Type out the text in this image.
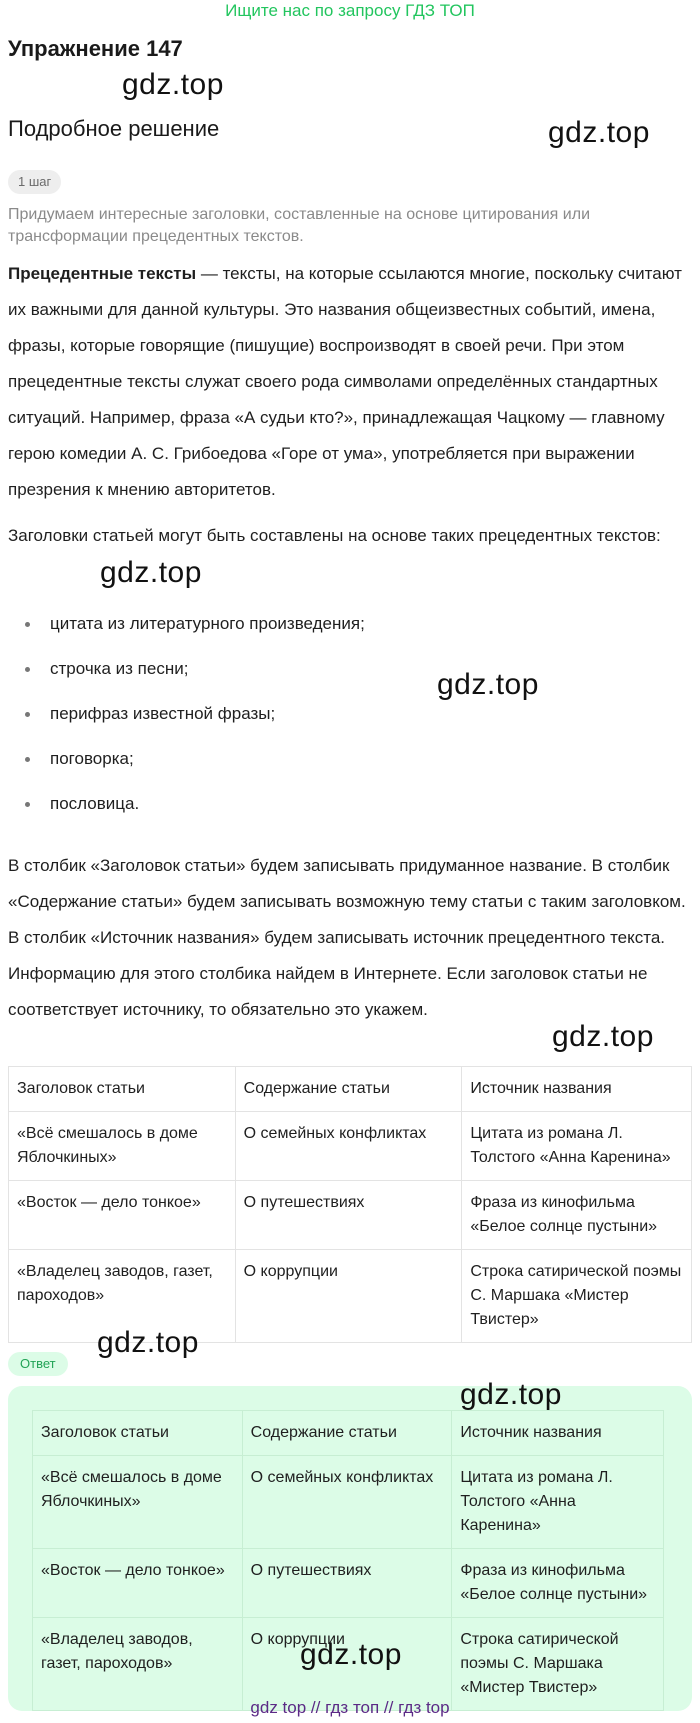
Ищите нас по запросу ГДЗ ТОП
Упражнение 147
Подробное решение
1 шаг
Придумаем интересные заголовки, составленные на основе цитирования или трансформации прецедентных текстов.
Прецедентные тексты — тексты, на которые ссылаются многие, поскольку считают их важными для данной культуры. Это названия общеизвестных событий, имена, фразы, которые говорящие (пишущие) воспроизводят в своей речи. При этом прецедентные тексты служат своего рода символами определённых стандартных ситуаций. Например, фраза «А судьи кто?», принадлежащая Чацкому — главному герою комедии А. С. Грибоедова «Горе от ума», употребляется при выражении презрения к мнению авторитетов.
Заголовки статьей могут быть составлены на основе таких прецедентных текстов:
цитата из литературного произведения;
строчка из песни;
перифраз известной фразы;
поговорка;
пословица.
В столбик «Заголовок статьи» будем записывать придуманное название. В столбик «Содержание статьи» будем записывать возможную тему статьи с таким заголовком. В столбик «Источник названия» будем записывать источник прецедентного текста. Информацию для этого столбика найдем в Интернете. Если заголовок статьи не соответствует источнику, то обязательно это укажем.
Заголовок статьи	Содержание статьи	Источник названия
«Всё смешалось в доме Яблочкиных»	О семейных конфликтах	Цитата из романа Л. Толстого «Анна Каренина»
«Восток — дело тонкое»	О путешествиях	Фраза из кинофильма «Белое солнце пустыни»
«Владелец заводов, газет, пароходов»	О коррупции	Строка сатирической поэмы С. Маршака «Мистер Твистер»
Ответ
Заголовок статьи	Содержание статьи	Источник названия
«Всё смешалось в доме Яблочкиных»	О семейных конфликтах	Цитата из романа Л. Толстого «Анна Каренина»
«Восток — дело тонкое»	О путешествиях	Фраза из кинофильма «Белое солнце пустыни»
«Владелец заводов, газет, пароходов»	О коррупции	Строка сатирической поэмы С. Маршака «Мистер Твистер»
gdz.top
gdz.top
gdz.top
gdz.top
gdz.top
gdz.top
gdz.top
gdz.top
gdz top // гдз топ // гдз top
